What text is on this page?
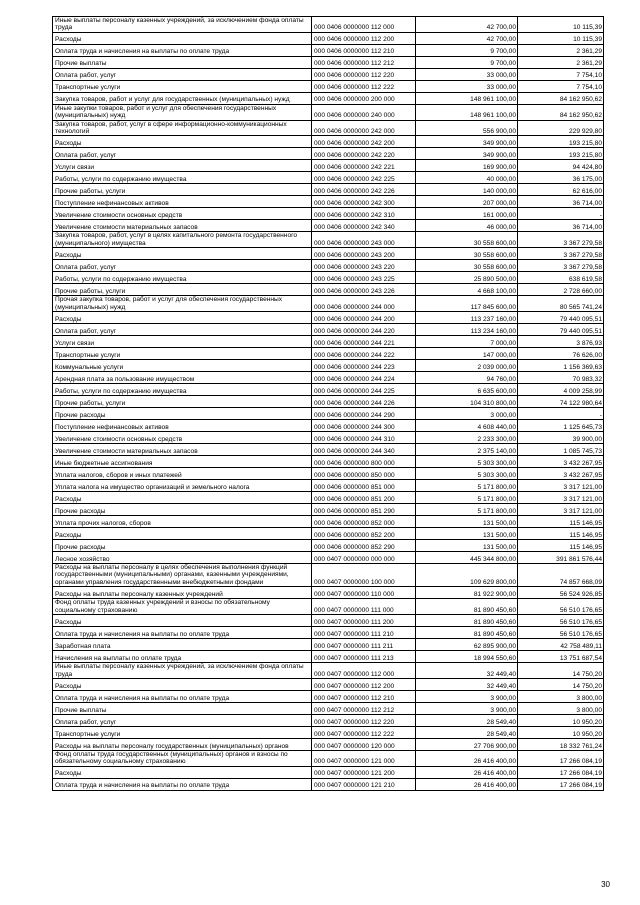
Иные выплаты персоналу казенных учреждений, за исключением фонда оплаты труда	000 0406 0000000 112 000	42 700,00	10 115,39
Расходы	000 0406 0000000 112 200	42 700,00	10 115,39
Оплата труда и начисления на выплаты по оплате труда	000 0406 0000000 112 210	9 700,00	2 361,29
Прочие выплаты	000 0406 0000000 112 212	9 700,00	2 361,29
Оплата работ, услуг	000 0406 0000000 112 220	33 000,00	7 754,10
Транспортные услуги	000 0406 0000000 112 222	33 000,00	7 754,10
Закупка товаров, работ и услуг для государственных (муниципальных) нужд	000 0406 0000000 200 000	148 961 100,00	84 162 950,62
Иные закупки товаров, работ и услуг для обеспечения государственных (муниципальных) нужд	000 0406 0000000 240 000	148 961 100,00	84 162 950,62
Закупка товаров, работ, услуг в сфере информационно-коммуникационных технологий	000 0406 0000000 242 000	556 900,00	229 929,80
Расходы	000 0406 0000000 242 200	349 900,00	193 215,80
Оплата работ, услуг	000 0406 0000000 242 220	349 900,00	193 215,80
Услуги связи	000 0406 0000000 242 221	169 900,00	94 424,80
Работы, услуги по содержанию имущества	000 0406 0000000 242 225	40 000,00	36 175,00
Прочие работы, услуги	000 0406 0000000 242 226	140 000,00	62 616,00
Поступление нефинансовых активов	000 0406 0000000 242 300	207 000,00	36 714,00
Увеличение стоимости основных средств	000 0406 0000000 242 310	161 000,00	-
Увеличение стоимости материальных запасов	000 0406 0000000 242 340	46 000,00	36 714,00
Закупка товаров, работ, услуг в целях капитального ремонта государственного (муниципального) имущества	000 0406 0000000 243 000	30 558 600,00	3 367 279,58
Расходы	000 0406 0000000 243 200	30 558 600,00	3 367 279,58
Оплата работ, услуг	000 0406 0000000 243 220	30 558 600,00	3 367 279,58
Работы, услуги по содержанию имущества	000 0406 0000000 243 225	25 890 500,00	638 619,58
Прочие работы, услуги	000 0406 0000000 243 226	4 668 100,00	2 728 660,00
Прочая закупка товаров, работ и услуг для обеспечения государственных (муниципальных) нужд	000 0406 0000000 244 000	117 845 600,00	80 565 741,24
Расходы	000 0406 0000000 244 200	113 237 160,00	79 440 095,51
Оплата работ, услуг	000 0406 0000000 244 220	113 234 160,00	79 440 095,51
Услуги связи	000 0406 0000000 244 221	7 000,00	3 876,93
Транспортные услуги	000 0406 0000000 244 222	147 000,00	76 626,00
Коммунальные услуги	000 0406 0000000 244 223	2 039 000,00	1 156 369,63
Арендная плата за пользование имуществом	000 0406 0000000 244 224	94 760,00	70 983,32
Работы, услуги по содержанию имущества	000 0406 0000000 244 225	6 635 600,00	4 009 258,99
Прочие работы, услуги	000 0406 0000000 244 226	104 310 800,00	74 122 980,64
Прочие расходы	000 0406 0000000 244 290	3 000,00	-
Поступление нефинансовых активов	000 0406 0000000 244 300	4 608 440,00	1 125 645,73
Увеличение стоимости основных средств	000 0406 0000000 244 310	2 233 300,00	39 900,00
Увеличение стоимости материальных запасов	000 0406 0000000 244 340	2 375 140,00	1 085 745,73
Иные бюджетные ассигнования	000 0406 0000000 800 000	5 303 300,00	3 432 267,95
Уплата налогов, сборов и иных платежей	000 0406 0000000 850 000	5 303 300,00	3 432 267,95
Уплата налога на имущество организаций и земельного налога	000 0406 0000000 851 000	5 171 800,00	3 317 121,00
Расходы	000 0406 0000000 851 200	5 171 800,00	3 317 121,00
Прочие расходы	000 0406 0000000 851 290	5 171 800,00	3 317 121,00
Уплата прочих налогов, сборов	000 0406 0000000 852 000	131 500,00	115 146,95
Расходы	000 0406 0000000 852 200	131 500,00	115 146,95
Прочие расходы	000 0406 0000000 852 290	131 500,00	115 146,95
Лесное хозяйство	000 0407 0000000 000 000	445 344 800,00	391 861 576,44
Расходы на выплаты персоналу в целях обеспечения выполнения функций государственными (муниципальными) органами, казенными учреждениями, органами управления государственными внебюджетными фондами	000 0407 0000000 100 000	109 629 800,00	74 857 668,09
Расходы на выплаты персоналу казенных учреждений	000 0407 0000000 110 000	81 922 900,00	56 524 926,85
Фонд оплаты труда казенных учреждений и взносы по обязательному социальному страхованию	000 0407 0000000 111 000	81 890 450,60	56 510 176,65
Расходы	000 0407 0000000 111 200	81 890 450,60	56 510 176,65
Оплата труда и начисления на выплаты по оплате труда	000 0407 0000000 111 210	81 890 450,60	56 510 176,65
Заработная плата	000 0407 0000000 111 211	62 895 900,00	42 758 489,11
Начисления на выплаты по оплате труда	000 0407 0000000 111 213	18 994 550,60	13 751 687,54
Иные выплаты персоналу казенных учреждений, за исключением фонда оплаты труда	000 0407 0000000 112 000	32 449,40	14 750,20
Расходы	000 0407 0000000 112 200	32 449,40	14 750,20
Оплата труда и начисления на выплаты по оплате труда	000 0407 0000000 112 210	3 900,00	3 800,00
Прочие выплаты	000 0407 0000000 112 212	3 900,00	3 800,00
Оплата работ, услуг	000 0407 0000000 112 220	28 549,40	10 950,20
Транспортные услуги	000 0407 0000000 112 222	28 549,40	10 950,20
Расходы на выплаты персоналу государственных (муниципальных) органов	000 0407 0000000 120 000	27 706 900,00	18 332 761,24
Фонд оплаты труда государственных (муниципальных) органов и взносы по обязательному социальному страхованию	000 0407 0000000 121 000	26 416 400,00	17 266 084,19
Расходы	000 0407 0000000 121 200	26 416 400,00	17 266 084,19
Оплата труда и начисления на выплаты по оплате труда	000 0407 0000000 121 210	26 416 400,00	17 266 084,19
30
